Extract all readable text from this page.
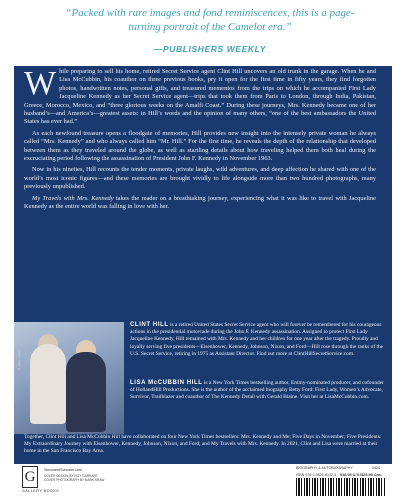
“Packed with rare images and fond reminiscences, this is a page-turning portrait of the Camelot era.”
—PUBLISHERS WEEKLY
W hile preparing to sell his home, retired Secret Service agent Clint Hill uncovers an old trunk in the garage. When he and Lisa McCubbin, his coauthor on three previous books, pry it open for the first time in fifty years, they find forgotten photos, handwritten notes, personal gifts, and treasured mementos from the trips on which he accompanied First Lady Jacqueline Kennedy as her Secret Service agent—trips that took them from Paris to London, through India, Pakistan, Greece, Morocco, Mexico, and “three glorious weeks on the Amalfi Coast.” During these journeys, Mrs. Kennedy became one of her husband’s—and America’s—greatest assets: in Hill’s words and the opinion of many others, “one of the best ambassadors the United States has ever had.”

As each newfound treasure opens a floodgate of memories, Hill provides new insight into the intensely private woman he always called “Mrs. Kennedy” and who always called him “Mr. Hill.” For the first time, he reveals the depth of the relationship that developed between them as they traveled around the globe, as well as startling details about how traveling helped them both heal during the excruciating period following the assassination of President John F. Kennedy in November 1963.

Now in his nineties, Hill recounts the tender moments, private laughs, wild adventures, and deep affection he shared with one of the world’s most iconic figures—and these memories are brought vividly to life alongside more than two hundred photographs, many previously unpublished.

My Travels with Mrs. Kennedy takes the reader on a breathtaking journey, experiencing what it was like to travel with Jacqueline Kennedy as the entire world was falling in love with her.

© photo credit
CLINT HILL is a retired United States Secret Service agent who will forever be remembered for his courageous actions in the presidential motorcade during the John F. Kennedy assassination. Assigned to protect First Lady Jacqueline Kennedy, Hill remained with Mrs. Kennedy and her children for one year after the tragedy. Proudly and loyally serving five presidents—Eisenhower, Kennedy, Johnson, Nixon, and Ford—Hill rose through the ranks of the U.S. Secret Service, retiring in 1975 as Assistant Director. Find out more at ClintHillSecretService.com.
LISA McCUBBIN HILL is a New York Times bestselling author, Emmy-nominated producer, and cofounder of HollandHill Productions. She is the author of the acclaimed biography Betty Ford: First Lady, Women’s Advocate, Survivor, Trailblazer and coauthor of The Kennedy Detail with Gerald Blaine. Visit her at LisaMcCubbin.com.
Together, Clint Hill and Lisa McCubbin Hill have collaborated on four New York Times bestsellers: Mrs. Kennedy and Me; Five Days in November; Five Presidents: My Extraordinary Journey with Eisenhower, Kennedy, Johnson, Nixon, and Ford; and My Travels with Mrs. Kennedy. In 2021, Clint and Lisa were married at their home in the San Francisco Bay Area.
G
GALLERY BOOKS
SimonandSchuster.com
COVER DESIGN BY ROY GARHART
COVER PHOTOGRAPH BY MARK SHAW
BIOGRAPHY & AUTOBIOGRAPHY	0424
ISBN 978-1-9821-8132-3 $18.99 U.S./$25.99 Can.
